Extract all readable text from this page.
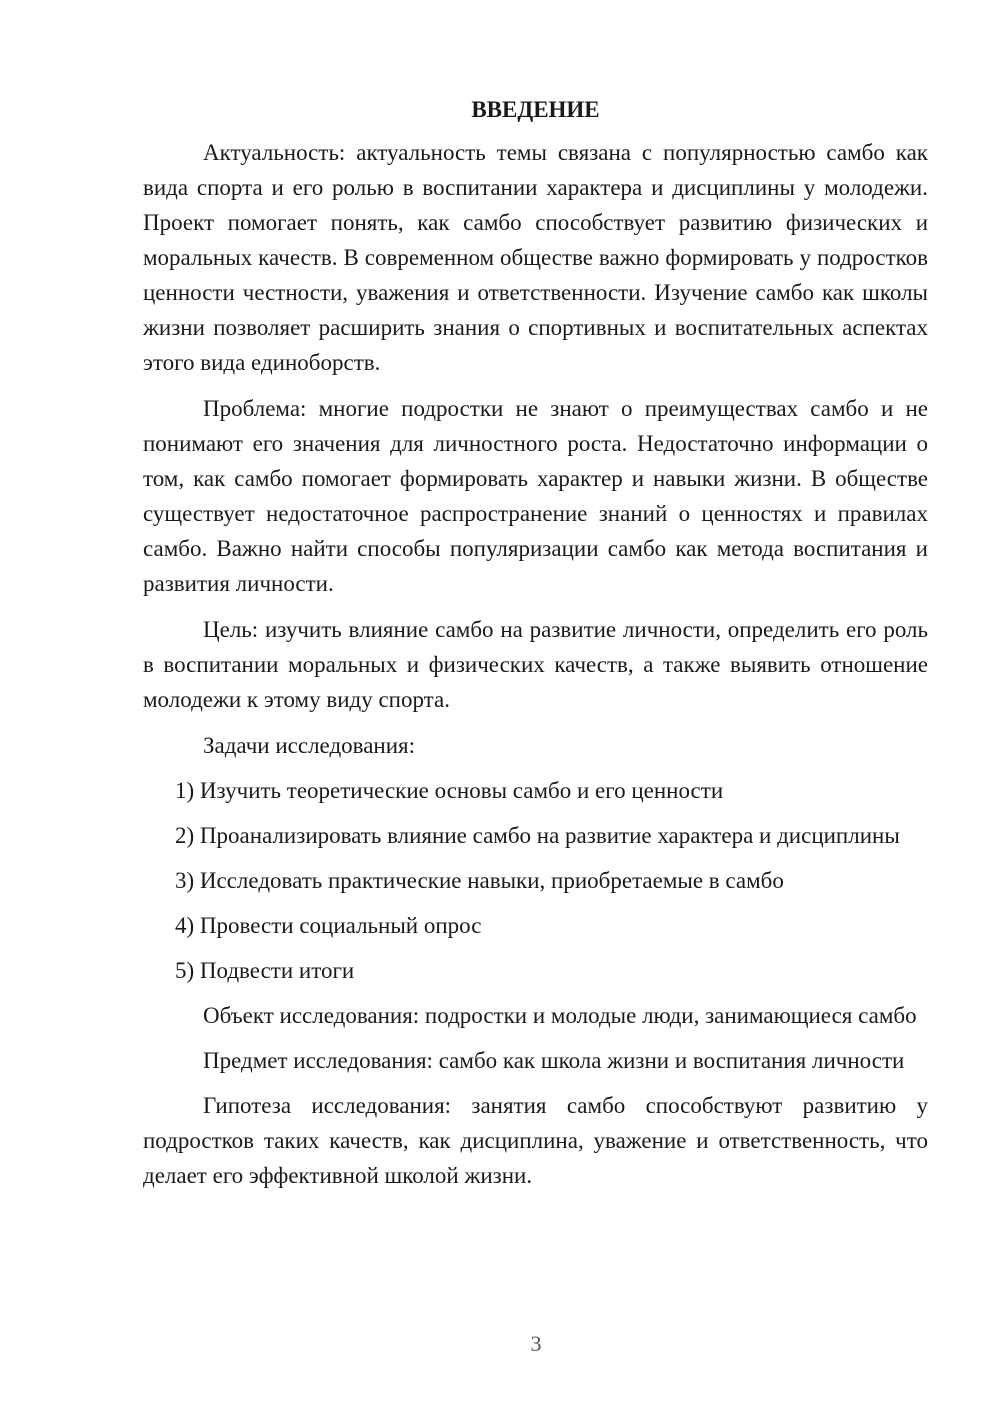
ВВЕДЕНИЕ

Актуальность: актуальность темы связана с популярностью самбо как вида спорта и его ролью в воспитании характера и дисциплины у молодежи. Проект помогает понять, как самбо способствует развитию физических и моральных качеств. В современном обществе важно формировать у подростков ценности честности, уважения и ответственности. Изучение самбо как школы жизни позволяет расширить знания о спортивных и воспитательных аспектах этого вида единоборств.

Проблема: многие подростки не знают о преимуществах самбо и не понимают его значения для личностного роста. Недостаточно информации о том, как самбо помогает формировать характер и навыки жизни. В обществе существует недостаточное распространение знаний о ценностях и правилах самбо. Важно найти способы популяризации самбо как метода воспитания и развития личности.

Цель: изучить влияние самбо на развитие личности, определить его роль в воспитании моральных и физических качеств, а также выявить отношение молодежи к этому виду спорта.

Задачи исследования:

1) Изучить теоретические основы самбо и его ценности

2) Проанализировать влияние самбо на развитие характера и дисциплины

3) Исследовать практические навыки, приобретаемые в самбо

4) Провести социальный опрос

5) Подвести итоги

Объект исследования: подростки и молодые люди, занимающиеся самбо

Предмет исследования: самбо как школа жизни и воспитания личности

Гипотеза исследования: занятия самбо способствуют развитию у подростков таких качеств, как дисциплина, уважение и ответственность, что делает его эффективной школой жизни.

3
